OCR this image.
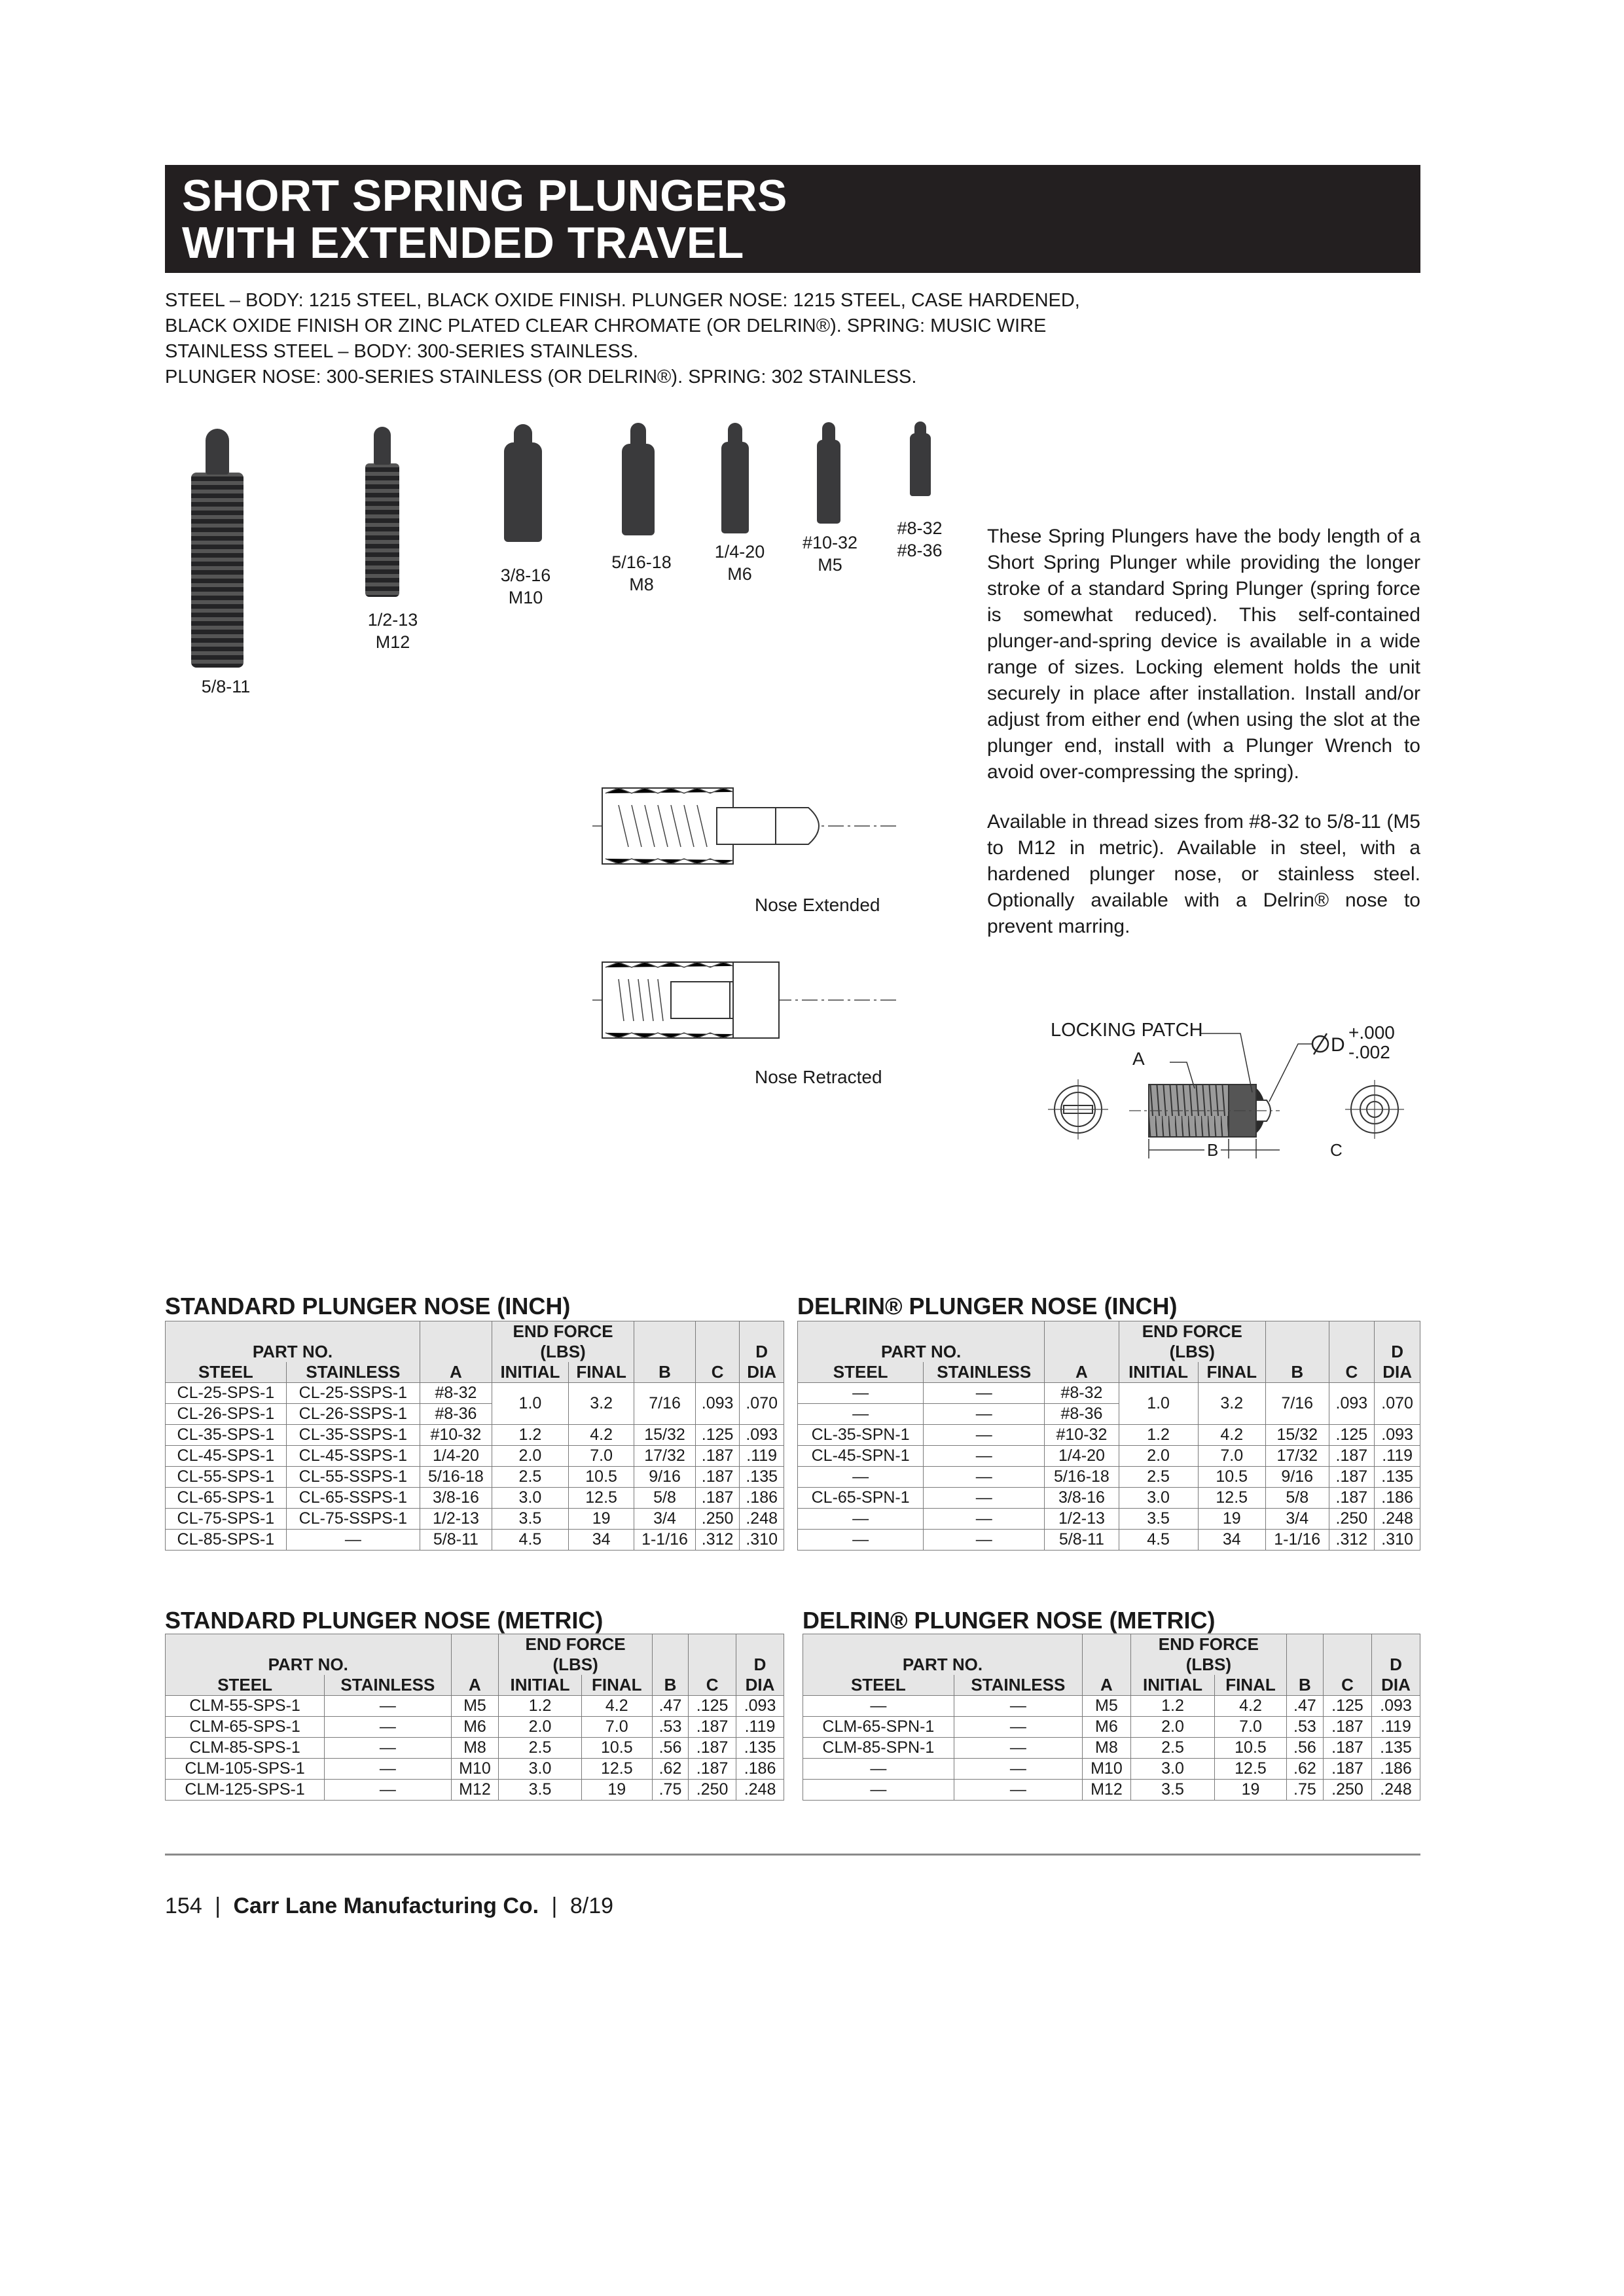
SHORT SPRING PLUNGERS
WITH EXTENDED TRAVEL
STEEL – BODY: 1215 STEEL, BLACK OXIDE FINISH. PLUNGER NOSE: 1215 STEEL, CASE HARDENED,
BLACK OXIDE FINISH OR ZINC PLATED CLEAR CHROMATE (OR DELRIN®). SPRING: MUSIC WIRE
STAINLESS STEEL – BODY: 300-SERIES STAINLESS.
PLUNGER NOSE: 300-SERIES STAINLESS (OR DELRIN®). SPRING: 302 STAINLESS.
5/8-11
1/2-13
M12
3/8-16
M10
5/16-18
M8
1/4-20
M6
#10-32
M5
#8-32
#8-36

These Spring Plungers have the body length of a Short Spring Plunger while providing the longer stroke of a standard Spring Plunger (spring force is somewhat reduced). This self-contained plunger-and-spring device is available in a wide range of sizes. Locking element holds the unit securely in place after installation. Install and/or adjust from either end (when using the slot at the plunger end, install with a Plunger Wrench to avoid over-compressing the spring).

Available in thread sizes from #8-32 to 5/8-11 (M5 to M12 in metric). Available in steel, with a hardened plunger nose, or stainless steel. Optionally available with a Delrin® nose to prevent marring.

Nose Extended
Nose Retracted
LOCKING PATCH
A
D
+.000
-.002
B	C
STANDARD PLUNGER NOSE (INCH)	DELRIN® PLUNGER NOSE (INCH)
STANDARD PLUNGER NOSE (METRIC)	DELRIN® PLUNGER NOSE (METRIC)
			END FORCE				
PART NO.			(LBS)				D
STEEL	STAINLESS	A	INITIAL	FINAL	B	C	DIA
CL-25-SPS-1	CL-25-SSPS-1	#8-32	1.0	3.2	7/16	.093	.070
CL-26-SPS-1	CL-26-SSPS-1	#8-36					
CL-35-SPS-1	CL-35-SSPS-1	#10-32	1.2	4.2	15/32	.125	.093
CL-45-SPS-1	CL-45-SSPS-1	1/4-20	2.0	7.0	17/32	.187	.119
CL-55-SPS-1	CL-55-SSPS-1	5/16-18	2.5	10.5	9/16	.187	.135
CL-65-SPS-1	CL-65-SSPS-1	3/8-16	3.0	12.5	5/8	.187	.186
CL-75-SPS-1	CL-75-SSPS-1	1/2-13	3.5	19	3/4	.250	.248
CL-85-SPS-1	—	5/8-11	4.5	34	1-1/16	.312	.310
			END FORCE				
PART NO.			(LBS)				D
STEEL	STAINLESS	A	INITIAL	FINAL	B	C	DIA
—	—	#8-32	1.0	3.2	7/16	.093	.070
—	—	#8-36					
CL-35-SPN-1	—	#10-32	1.2	4.2	15/32	.125	.093
CL-45-SPN-1	—	1/4-20	2.0	7.0	17/32	.187	.119
—	—	5/16-18	2.5	10.5	9/16	.187	.135
CL-65-SPN-1	—	3/8-16	3.0	12.5	5/8	.187	.186
—	—	1/2-13	3.5	19	3/4	.250	.248
—	—	5/8-11	4.5	34	1-1/16	.312	.310
			END FORCE				
PART NO.			(LBS)				D
STEEL	STAINLESS	A	INITIAL	FINAL	B	C	DIA
CLM-55-SPS-1	—	M5	1.2	4.2	.47	.125	.093
CLM-65-SPS-1	—	M6	2.0	7.0	.53	.187	.119
CLM-85-SPS-1	—	M8	2.5	10.5	.56	.187	.135
CLM-105-SPS-1	—	M10	3.0	12.5	.62	.187	.186
CLM-125-SPS-1	—	M12	3.5	19	.75	.250	.248
			END FORCE				
PART NO.			(LBS)				D
STEEL	STAINLESS	A	INITIAL	FINAL	B	C	DIA
—	—	M5	1.2	4.2	.47	.125	.093
CLM-65-SPN-1	—	M6	2.0	7.0	.53	.187	.119
CLM-85-SPN-1	—	M8	2.5	10.5	.56	.187	.135
—	—	M10	3.0	12.5	.62	.187	.186
—	—	M12	3.5	19	.75	.250	.248
154 | Carr Lane Manufacturing Co. | 8/19
